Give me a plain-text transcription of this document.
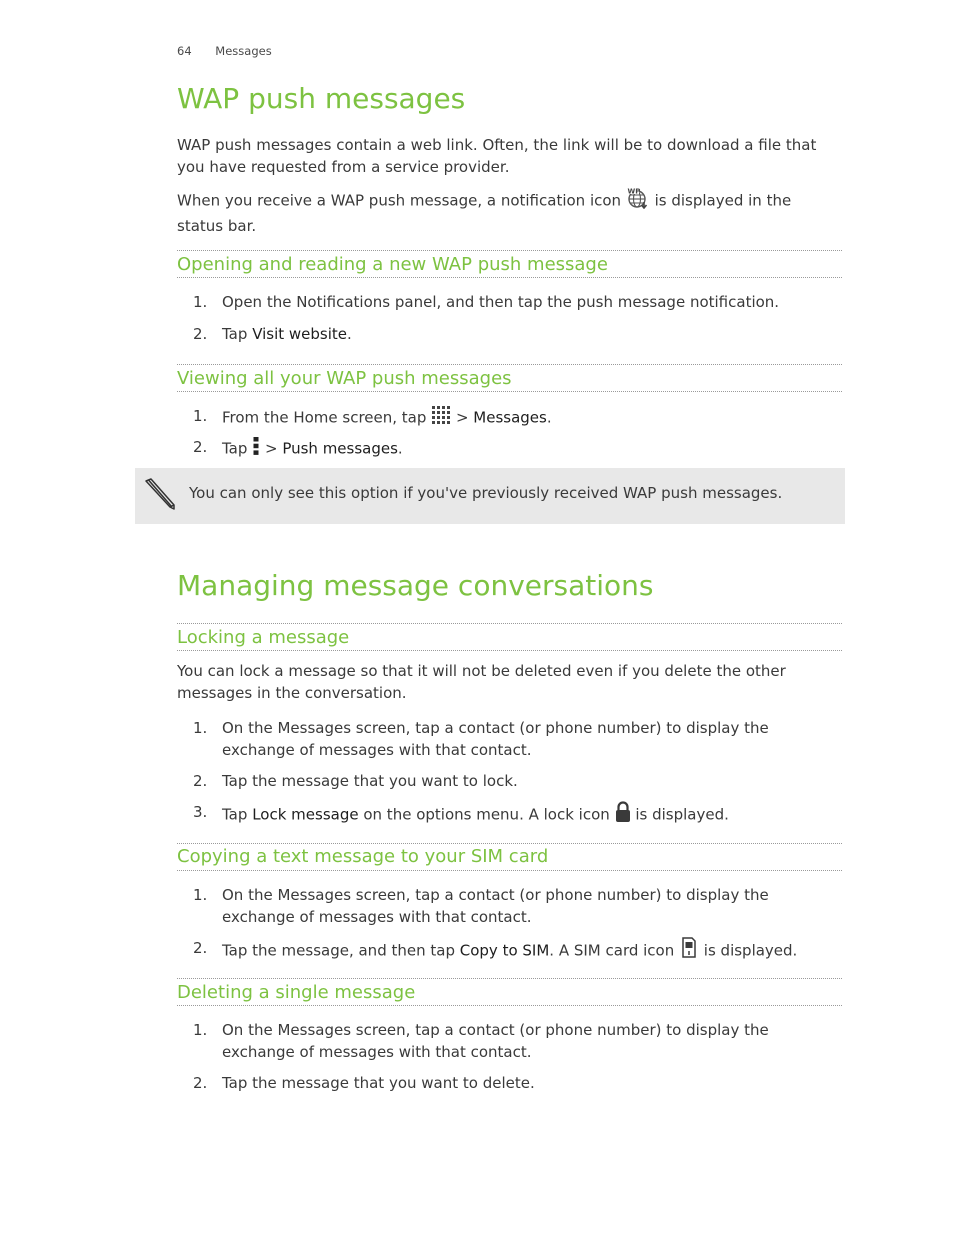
64 Messages
WAP push messages
WAP push messages contain a web link. Often, the link will be to download a file that you have requested from a service provider.
When you receive a WAP push message, a notification icon WP is displayed in the status bar.
Opening and reading a new WAP push message
1. Open the Notifications panel, and then tap the push message notification.
2. Tap Visit website.
Viewing all your WAP push messages
1. From the Home screen, tap > Messages.
2. Tap > Push messages.
You can only see this option if you've previously received WAP push messages.
Managing message conversations
Locking a message
You can lock a message so that it will not be deleted even if you delete the other messages in the conversation.
1. On the Messages screen, tap a contact (or phone number) to display the exchange of messages with that contact.
2. Tap the message that you want to lock.
3. Tap Lock message on the options menu. A lock icon is displayed.
Copying a text message to your SIM card
1. On the Messages screen, tap a contact (or phone number) to display the exchange of messages with that contact.
2. Tap the message, and then tap Copy to SIM. A SIM card icon is displayed.
Deleting a single message
1. On the Messages screen, tap a contact (or phone number) to display the exchange of messages with that contact.
2. Tap the message that you want to delete.
